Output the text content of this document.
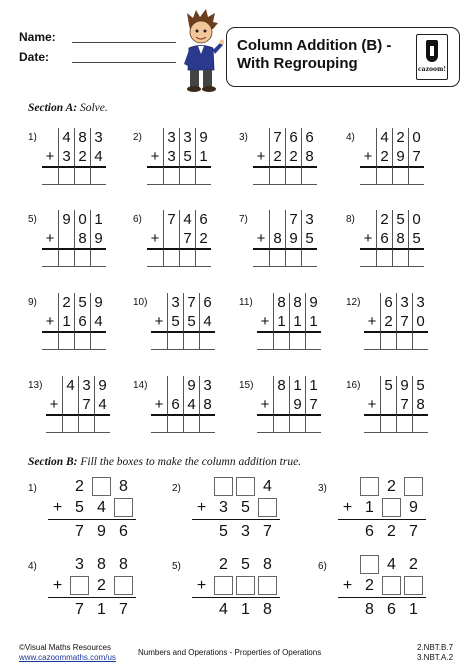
Name:
Date:
Column Addition (B) -
With Regrouping	cazoom!
Section A: Solve.
1) 4 8 3
+ 3 2 4
2) 3 3 9
+ 3 5 1
3) 7 6 6
+ 2 2 8
4) 4 2 0
+ 2 9 7
5) 9 0 1
+ 8 9
6) 7 4 6
+ 7 2
7)	7 3
+ 8 9 5
8) 2 5 0
+ 6 8 5
9) 2 5 9
+ 1 6 4
10) 3 7 6
+ 5 5 4
11) 8 8 9
+ 1 1 1
12) 6 3 3
+ 2 7 0
13) 4 3 9
+ 7 4
14)	9 3
+ 6 4 8
15) 8 1 1
+ 9 7
16) 5 9 5
+ 7 8
Section B: Fill the boxes to make the column addition true.
1)	2	8
+ 5 4
7 9 6
2)	4
+ 3 5
5 3 7
3)	2
+ 1	9
6 2 7
4)	3 8 8
+	2
7 1 7
5)	2 5 8
+
4 1 8
6)	4 2
+ 2
8 6 1
©Visual Maths Resources
www.cazoommaths.com/us
Numbers and Operations - Properties of Operations
2.NBT.B.7
3.NBT.A.2
